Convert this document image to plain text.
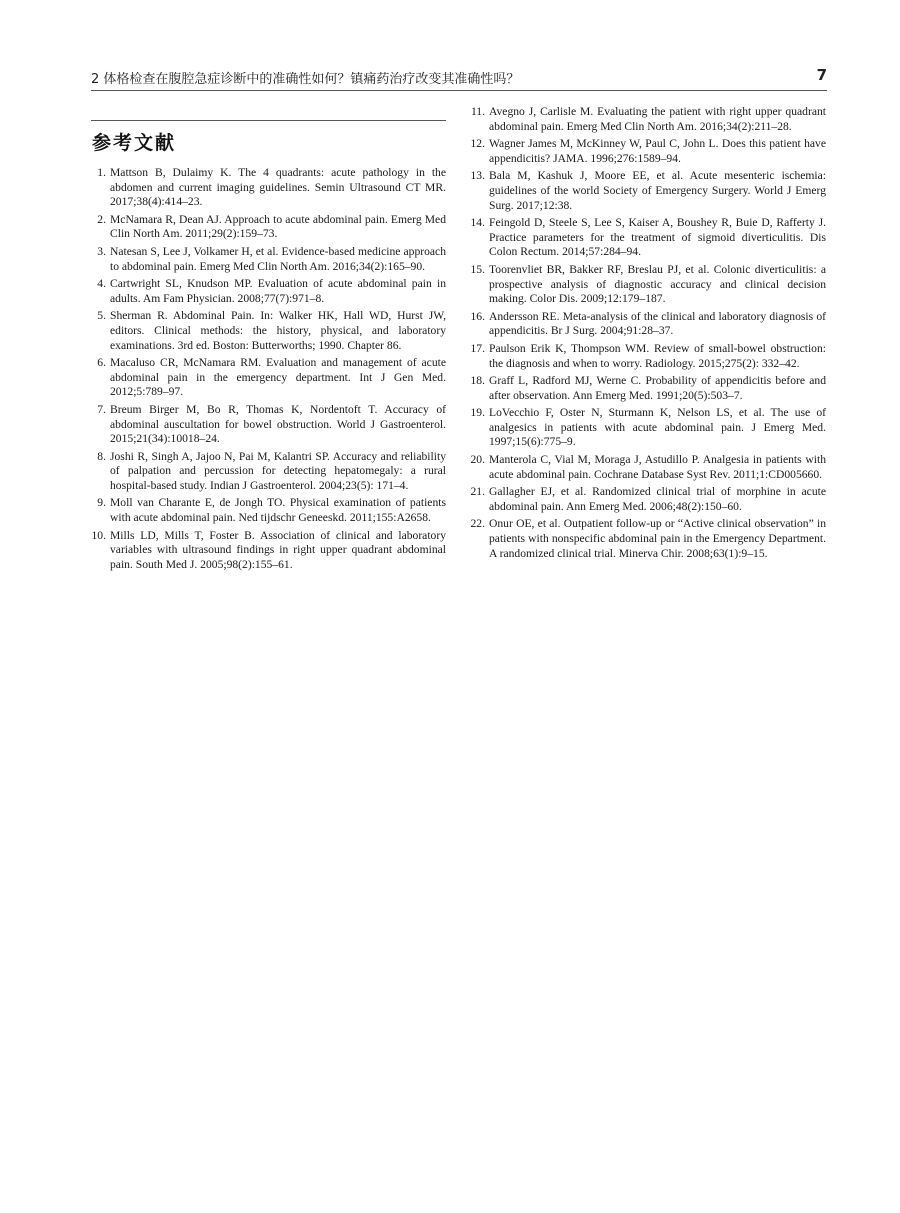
2 体格检查在腹腔急症诊断中的准确性如何？镇痛药治疗改变其准确性吗？	7
参考文献
1. Mattson B, Dulaimy K. The 4 quadrants: acute pathology in the abdomen and current imaging guidelines. Semin Ultrasound CT MR. 2017;38(4):414–23.
2. McNamara R, Dean AJ. Approach to acute abdominal pain. Emerg Med Clin North Am. 2011;29(2):159–73.
3. Natesan S, Lee J, Volkamer H, et al. Evidence-based medicine approach to abdominal pain. Emerg Med Clin North Am. 2016;34(2):165–90.
4. Cartwright SL, Knudson MP. Evaluation of acute abdominal pain in adults. Am Fam Physician. 2008;77(7):971–8.
5. Sherman R. Abdominal Pain. In: Walker HK, Hall WD, Hurst JW, editors. Clinical methods: the history, physical, and laboratory examinations. 3rd ed. Boston: Butterworths; 1990. Chapter 86.
6. Macaluso CR, McNamara RM. Evaluation and management of acute abdominal pain in the emergency department. Int J Gen Med. 2012;5:789–97.
7. Breum Birger M, Bo R, Thomas K, Nordentoft T. Accuracy of abdominal auscultation for bowel obstruction. World J Gastroenterol. 2015;21(34):10018–24.
8. Joshi R, Singh A, Jajoo N, Pai M, Kalantri SP. Accuracy and reliability of palpation and percussion for detecting hepatomegaly: a rural hospital-based study. Indian J Gastroenterol. 2004;23(5): 171–4.
9. Moll van Charante E, de Jongh TO. Physical examination of patients with acute abdominal pain. Ned tijdschr Geneeskd. 2011;155:A2658.
10. Mills LD, Mills T, Foster B. Association of clinical and laboratory variables with ultrasound findings in right upper quadrant abdominal pain. South Med J. 2005;98(2):155–61.
11. Avegno J, Carlisle M. Evaluating the patient with right upper quadrant abdominal pain. Emerg Med Clin North Am. 2016;34(2):211–28.
12. Wagner James M, McKinney W, Paul C, John L. Does this patient have appendicitis? JAMA. 1996;276:1589–94.
13. Bala M, Kashuk J, Moore EE, et al. Acute mesenteric ischemia: guidelines of the world Society of Emergency Surgery. World J Emerg Surg. 2017;12:38.
14. Feingold D, Steele S, Lee S, Kaiser A, Boushey R, Buie D, Rafferty J. Practice parameters for the treatment of sigmoid diverticulitis. Dis Colon Rectum. 2014;57:284–94.
15. Toorenvliet BR, Bakker RF, Breslau PJ, et al. Colonic diverticulitis: a prospective analysis of diagnostic accuracy and clinical decision making. Color Dis. 2009;12:179–187.
16. Andersson RE. Meta-analysis of the clinical and laboratory diagnosis of appendicitis. Br J Surg. 2004;91:28–37.
17. Paulson Erik K, Thompson WM. Review of small-bowel obstruction: the diagnosis and when to worry. Radiology. 2015;275(2): 332–42.
18. Graff L, Radford MJ, Werne C. Probability of appendicitis before and after observation. Ann Emerg Med. 1991;20(5):503–7.
19. LoVecchio F, Oster N, Sturmann K, Nelson LS, et al. The use of analgesics in patients with acute abdominal pain. J Emerg Med. 1997;15(6):775–9.
20. Manterola C, Vial M, Moraga J, Astudillo P. Analgesia in patients with acute abdominal pain. Cochrane Database Syst Rev. 2011;1:CD005660.
21. Gallagher EJ, et al. Randomized clinical trial of morphine in acute abdominal pain. Ann Emerg Med. 2006;48(2):150–60.
22. Onur OE, et al. Outpatient follow-up or “Active clinical observation” in patients with nonspecific abdominal pain in the Emergency Department. A randomized clinical trial. Minerva Chir. 2008;63(1):9–15.
